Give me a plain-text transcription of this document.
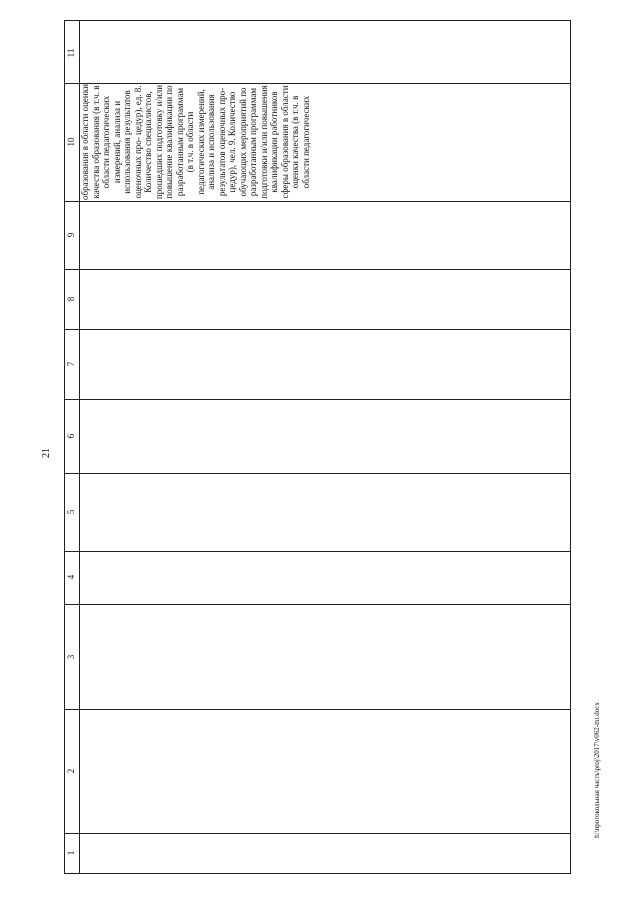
21
11
10
9
8
7
6
5
4
3
2
1
образования в области оценки качества образования (в т.ч. в области педагогических измерений, анализа и использования результатов оценочных про- цедур), ед. 8. Количество специалистов, прошедших подготовку и/или повышение квалификации по разработанным программам (в т.ч. в области педагогических измерений, анализа и использования результатов оценочных про- цедур), чел. 9. Количество обучающих мероприятий по разработанным программам подготовки и/или повышения квалификации работников сферы образования в области оценки качества (в т.ч. в области педагогических
h:\протокольная часть\proj\2017\v062-mt.docx
